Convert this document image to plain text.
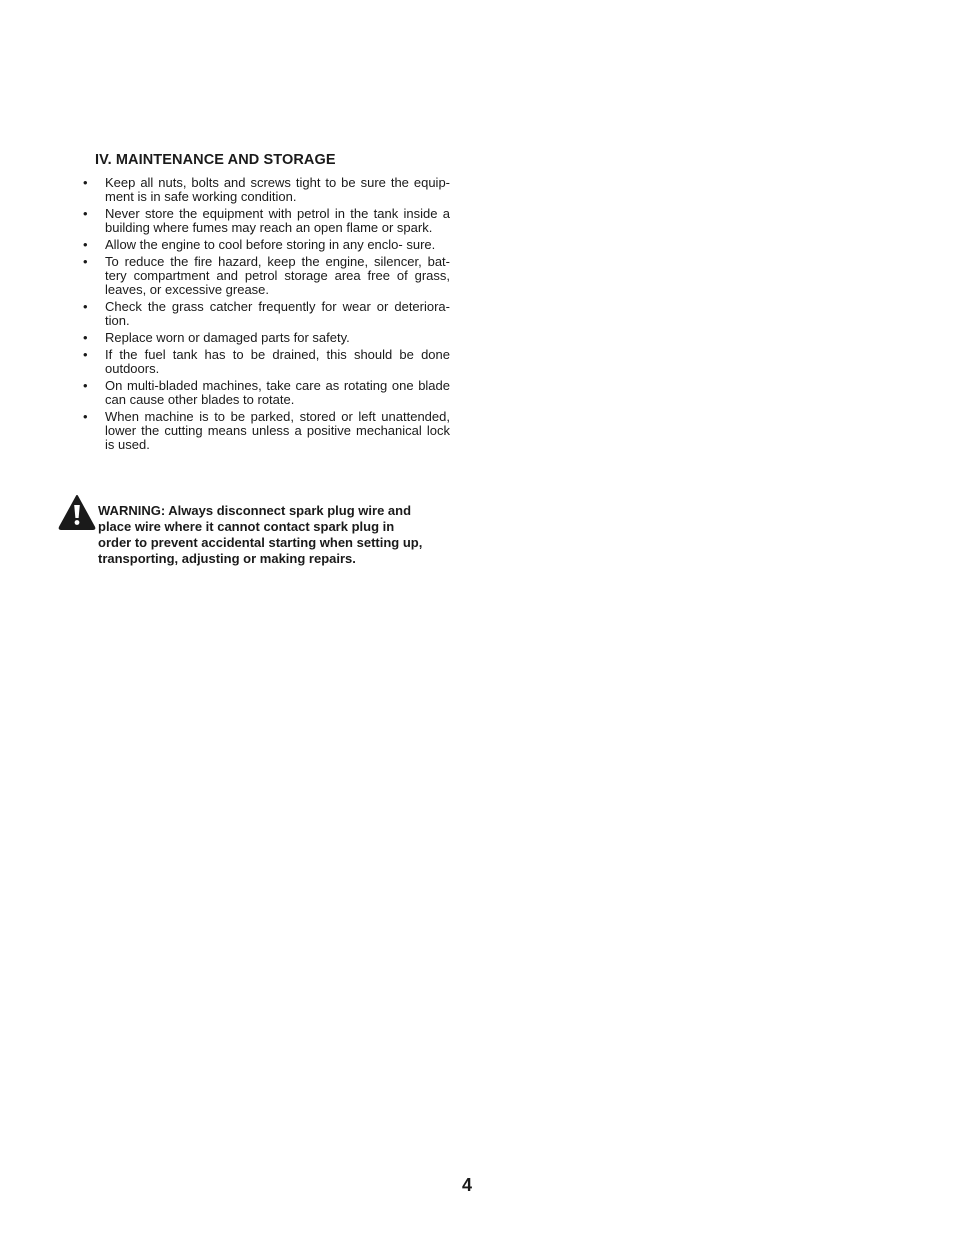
IV. MAINTENANCE AND STORAGE
• Keep all nuts, bolts and screws tight to be sure the equip- ment is in safe working condition.
• Never store the equipment with petrol in the tank inside a building where fumes may reach an open flame or spark.
• Allow the engine to cool before storing in any enclo- sure.
• To reduce the fire hazard, keep the engine, silencer, bat- tery compartment and petrol storage area free of grass, leaves, or excessive grease.
• Check the grass catcher frequently for wear or deteriora- tion.
• Replace worn or damaged parts for safety.
• If the fuel tank has to be drained, this should be done outdoors.
• On multi-bladed machines, take care as rotating one blade can cause other blades to rotate.
• When machine is to be parked, stored or left unattended, lower the cutting means unless a positive mechanical lock is used.
WARNING: Always disconnect spark plug wire and place wire where it cannot contact spark plug in order to prevent accidental starting when setting up, transporting, adjusting or making repairs.
4
